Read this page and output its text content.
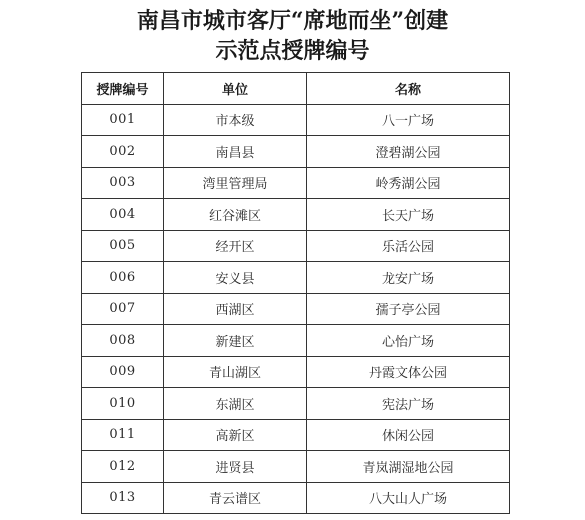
南昌市城市客厅“席地而坐”创建
示范点授牌编号
授牌编号	单位	名称
001	市本级	八一广场
002	南昌县	澄碧湖公园
003	湾里管理局	岭秀湖公园
004	红谷滩区	长天广场
005	经开区	乐活公园
006	安义县	龙安广场
007	西湖区	孺子亭公园
008	新建区	心怡广场
009	青山湖区	丹霞文体公园
010	东湖区	宪法广场
011	高新区	休闲公园
012	进贤县	青岚湖湿地公园
013	青云谱区	八大山人广场
